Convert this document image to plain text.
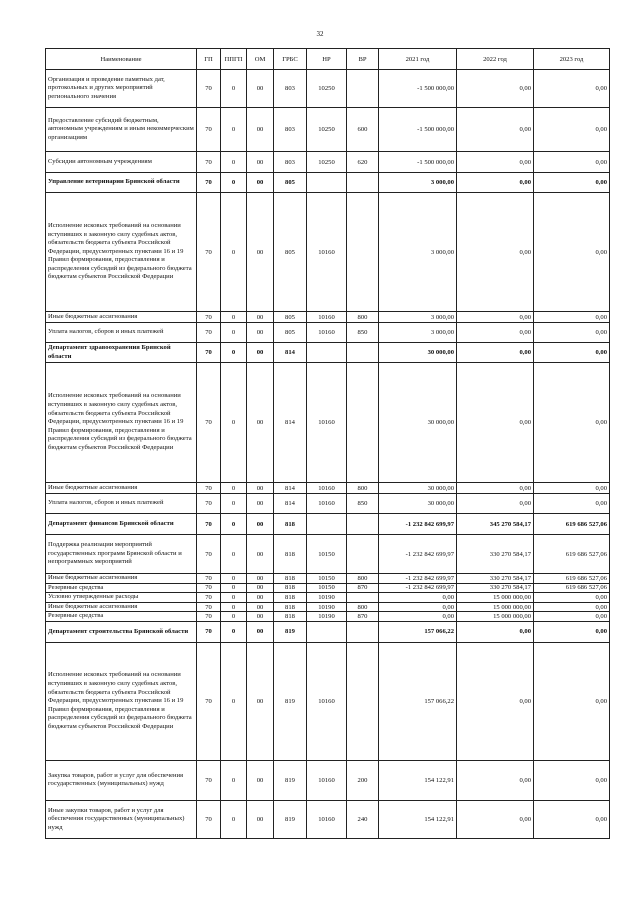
32
Наименование	ГП	ППГП	ОМ	ГРБС	НР	ВР	2021 год	2022 год	2023 год
Организация и проведение памятных дат, протокольных и других мероприятий регионального значения	70	0	00	803	10250		-1 500 000,00	0,00	0,00
Предоставление субсидий бюджетным, автономным учреждениям и иным некоммерческим организациям	70	0	00	803	10250	600	-1 500 000,00	0,00	0,00
Субсидии автономным учреждениям	70	0	00	803	10250	620	-1 500 000,00	0,00	0,00
Управление ветеринарии Брянской области	70	0	00	805			3 000,00	0,00	0,00
Исполнение исковых требований на основании вступивших в законную силу судебных актов, обязательств бюджета субъекта Российской Федерации, предусмотренных пунктами 16 и 19 Правил формирования, предоставления и распределения субсидий из федерального бюджета бюджетам субъектов Российской Федерации	70	0	00	805	10160		3 000,00	0,00	0,00
Иные бюджетные ассигнования	70	0	00	805	10160	800	3 000,00	0,00	0,00
Уплата налогов, сборов и иных платежей	70	0	00	805	10160	850	3 000,00	0,00	0,00
Департамент здравоохранения Брянской области	70	0	00	814			30 000,00	0,00	0,00
Исполнение исковых требований на основании вступивших в законную силу судебных актов, обязательств бюджета субъекта Российской Федерации, предусмотренных пунктами 16 и 19 Правил формирования, предоставления и распределения субсидий из федерального бюджета бюджетам субъектов Российской Федерации	70	0	00	814	10160		30 000,00	0,00	0,00
Иные бюджетные ассигнования	70	0	00	814	10160	800	30 000,00	0,00	0,00
Уплата налогов, сборов и иных платежей	70	0	00	814	10160	850	30 000,00	0,00	0,00
Департамент финансов Брянской области	70	0	00	818			-1 232 842 699,97	345 270 584,17	619 686 527,06
Поддержка реализации мероприятий государственных программ Брянской области и непрограммных мероприятий	70	0	00	818	10150		-1 232 842 699,97	330 270 584,17	619 686 527,06
Иные бюджетные ассигнования	70	0	00	818	10150	800	-1 232 842 699,97	330 270 584,17	619 686 527,06
Резервные средства	70	0	00	818	10150	870	-1 232 842 699,97	330 270 584,17	619 686 527,06
Условно утвержденные расходы	70	0	00	818	10190		0,00	15 000 000,00	0,00
Иные бюджетные ассигнования	70	0	00	818	10190	800	0,00	15 000 000,00	0,00
Резервные средства	70	0	00	818	10190	870	0,00	15 000 000,00	0,00
Департамент строительства Брянской области	70	0	00	819			157 066,22	0,00	0,00
Исполнение исковых требований на основании вступивших в законную силу судебных актов, обязательств бюджета субъекта Российской Федерации, предусмотренных пунктами 16 и 19 Правил формирования, предоставления и распределения субсидий из федерального бюджета бюджетам субъектов Российской Федерации	70	0	00	819	10160		157 066,22	0,00	0,00
Закупка товаров, работ и услуг для обеспечения государственных (муниципальных) нужд	70	0	00	819	10160	200	154 122,91	0,00	0,00
Иные закупки товаров, работ и услуг для обеспечения государственных (муниципальных) нужд	70	0	00	819	10160	240	154 122,91	0,00	0,00
